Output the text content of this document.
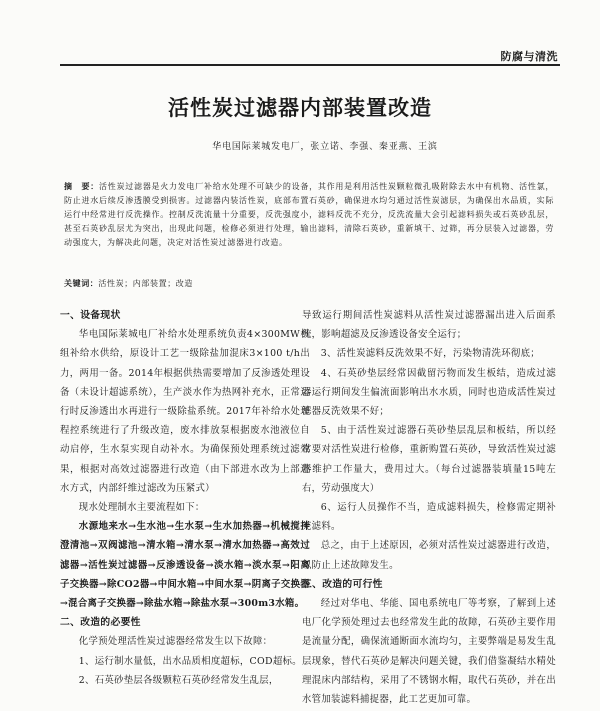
防腐与清洗
活性炭过滤器内部装置改造
华电国际莱城发电厂，张立诺、李强、秦亚燕、王滨
摘　要：活性炭过滤器是火力发电厂补给水处理不可缺少的设备，其作用是利用活性炭颗粒微孔吸附除去水中有机物、活性氯，防止进水后续反渗透膜受到损害。过滤器内装活性炭，底部布置石英砂，确保进水均匀通过活性炭滤层，为确保出水品质，实际运行中经常进行反洗操作。控制反洗流量十分重要，反洗强度小，滤料反洗不充分，反洗流量大会引起滤料损失或石英砂乱层，甚至石英砂乱层尤为突出，出现此问题，检修必须进行处理，输出滤料，清除石英砂，重新填干、过筛，再分层装入过滤器，劳动强度大，为解决此问题，决定对活性炭过滤器进行改造。
关键词：活性炭；内部装置；改造
一、设备现状

华电国际莱城电厂补给水处理系统负责4×300MW机组补给水供给，原设计工艺一级除盐加混床3×100 t/h出力，两用一备。2014年根据供热需要增加了反渗透处理设备（未设计超滤系统），生产淡水作为热网补充水，正常运行时反渗透出水再进行一级除盐系统。2017年补给水处理程控系统进行了升级改造，废水排放泵根据废水池液位自动启停，生水泵实现自动补水。为确保预处理系统过滤效果，根据对高效过滤器进行改造（由下部进水改为上部进水方式，内部纤维过滤改为压紧式）

现水处理制水主要流程如下：

水源地来水→生水池→生水泵→生水加热器→机械搅拌澄清池→双阀滤池→清水箱→清水泵→清水加热器→高效过滤器→活性炭过滤器→反渗透设备→淡水箱→淡水泵→阳离子交换器→除CO2器→中间水箱→中间水泵→阴离子交换器→混合离子交换器→除盐水箱→除盐水泵→300m3水箱。

二、改造的必要性

化学预处理活性炭过滤器经常发生以下故障：

1、运行制水量低，出水品质相度超标，COD超标。

2、石英砂垫层各级颗粒石英砂经常发生乱层，

导致运行期间活性炭滤料从活性炭过滤器漏出进入后面系统，影响超滤及反渗透设备安全运行；

3、活性炭滤料反洗效果不好，污染物清洗环彻底；

4、石英砂垫层经常因截留污物而发生板结，造成过滤器运行期间发生偏流面影响出水水质，同时也造成活性炭过滤器反洗效果不好；

5、由于活性炭过滤器石英砂垫层乱层和板结，所以经常要对活性炭进行检修，重新购置石英砂，导致活性炭过滤器维护工作量大，费用过大。（每台过滤器装填量15吨左右，劳动强度大）

6、运行人员操作不当，造成滤料损失，检修需定期补充滤料。

总之，由于上述原因，必须对活性炭过滤器进行改造，以防止上述故障发生。

三、改造的可行性

经过对华电、华能、国电系统电厂等考察，了解到上述电厂化学预处理过去也经常发生此的故障，石英砂主要作用是流量分配，确保流通断面水流均匀，主要弊端是易发生乱层现象，替代石英砂是解决问题关键，我们借鉴凝结水精处理混床内部结构，采用了不锈钢水帽，取代石英砂，并在出水管加装滤料捕捉器，此工艺更加可靠。
